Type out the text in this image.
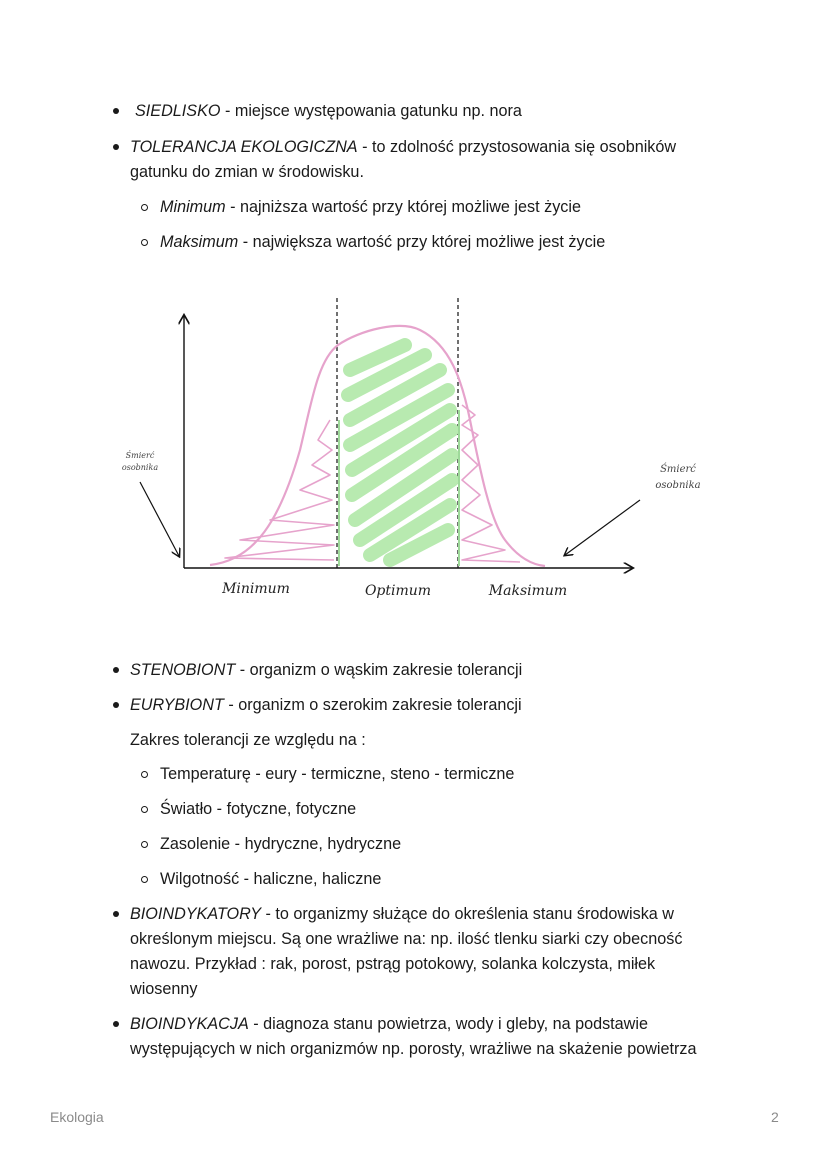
SIEDLISKO - miejsce występowania gatunku np. nora
TOLERANCJA EKOLOGICZNA - to zdolność przystosowania się osobników
gatunku do zmian w środowisku.
Minimum - najniższa wartość przy której możliwe jest życie
Maksimum - największa wartość przy której możliwe jest życie
Śmierć
osobnika	Śmierć
osobnika
Minimum	Optimum	Maksimum
STENOBIONT - organizm o wąskim zakresie tolerancji
EURYBIONT - organizm o szerokim zakresie tolerancji
Zakres tolerancji ze względu na :
Temperaturę - eury - termiczne, steno - termiczne
Światło - fotyczne, fotyczne
Zasolenie - hydryczne, hydryczne
Wilgotność - haliczne, haliczne
BIOINDYKATORY - to organizmy służące do określenia stanu środowiska w
określonym miejscu. Są one wrażliwe na: np. ilość tlenku siarki czy obecność
nawozu. Przykład : rak, porost, pstrąg potokowy, solanka kolczysta, miłek
wiosenny
BIOINDYKACJA - diagnoza stanu powietrza, wody i gleby, na podstawie
występujących w nich organizmów np. porosty, wrażliwe na skażenie powietrza
Ekologia	2
